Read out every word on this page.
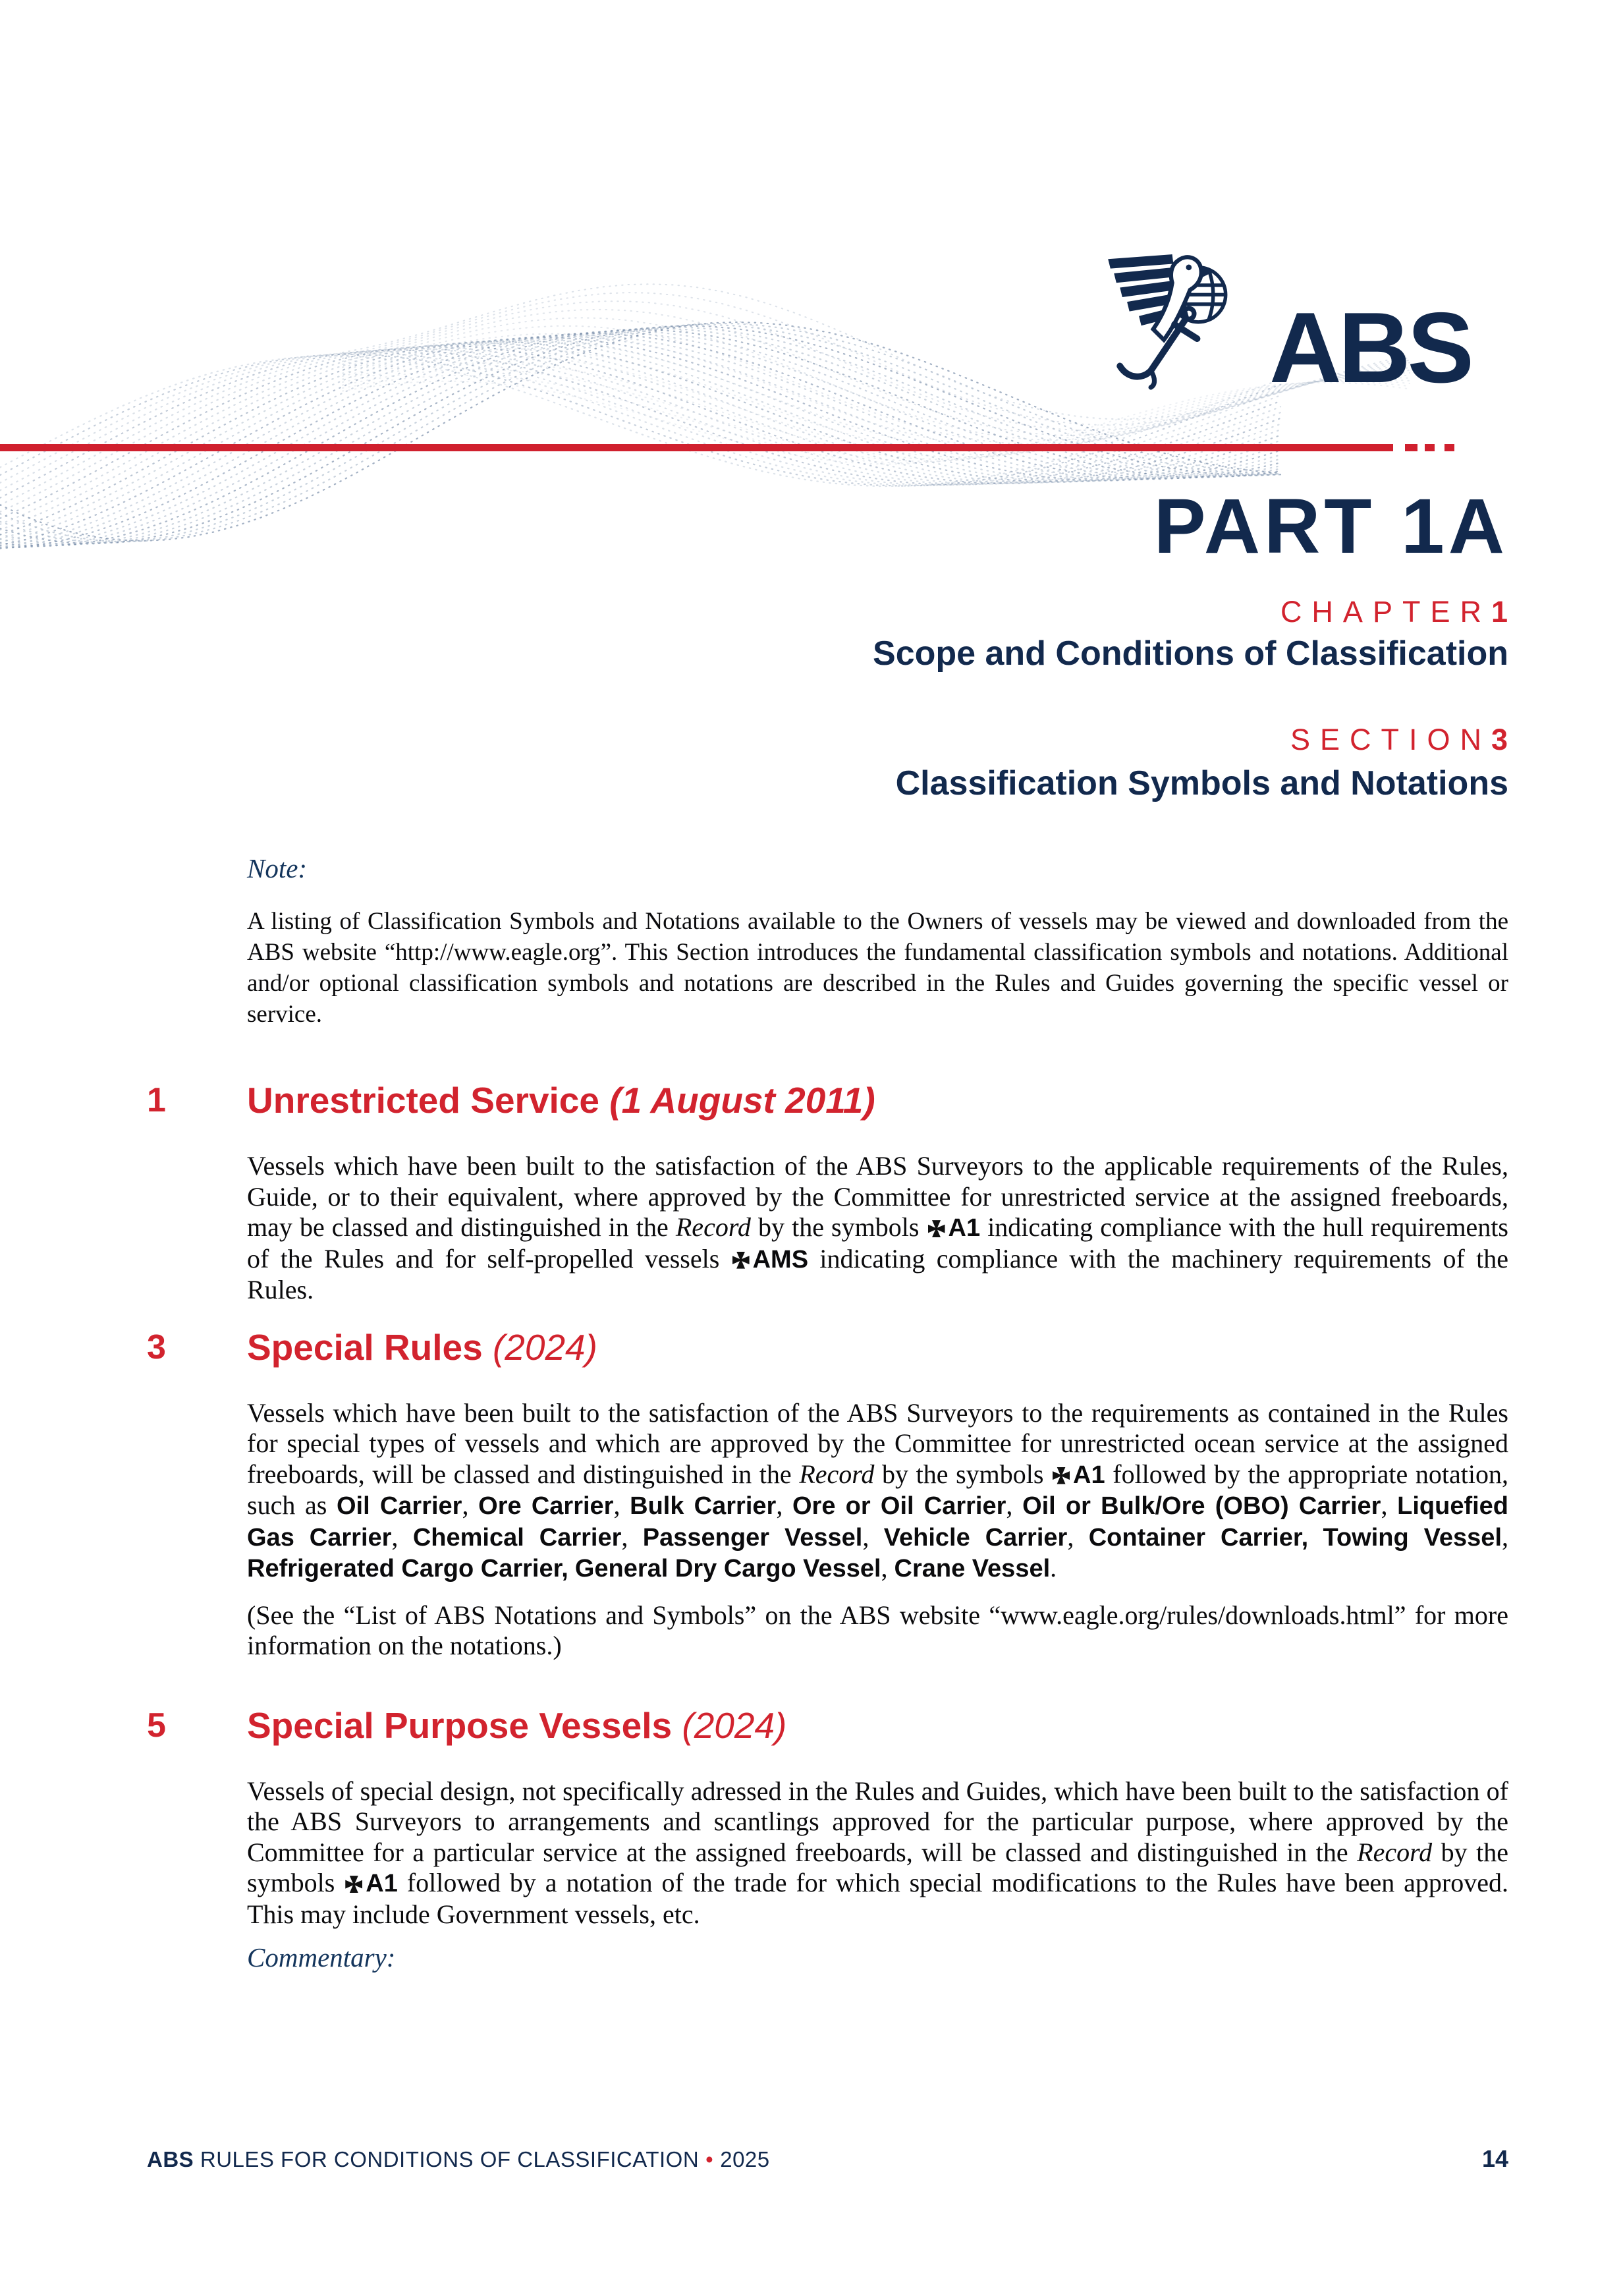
ABS
PART 1A
CHAPTER1
Scope and Conditions of Classification
SECTION3
Classification Symbols and Notations
Note:

A listing of Classification Symbols and Notations available to the Owners of vessels may be viewed and downloaded from the ABS website “http://www.eagle.org”. This Section introduces the fundamental classification symbols and notations. Additional and/or optional classification symbols and notations are described in the Rules and Guides governing the specific vessel or service.

1	Unrestricted Service (1 August 2011)

Vessels which have been built to the satisfaction of the ABS Surveyors to the applicable requirements of the Rules, Guide, or to their equivalent, where approved by the Committee for unrestricted service at the assigned freeboards, may be classed and distinguished in the Record by the symbols A1 indicating compliance with the hull requirements of the Rules and for self-propelled vessels AMS indicating compliance with the machinery requirements of the Rules.

3	Special Rules (2024)

Vessels which have been built to the satisfaction of the ABS Surveyors to the requirements as contained in the Rules for special types of vessels and which are approved by the Committee for unrestricted ocean service at the assigned freeboards, will be classed and distinguished in the Record by the symbols A1 followed by the appropriate notation, such as Oil Carrier, Ore Carrier, Bulk Carrier, Ore or Oil Carrier, Oil or Bulk/Ore (OBO) Carrier, Liquefied Gas Carrier, Chemical Carrier, Passenger Vessel, Vehicle Carrier, Container Carrier, Towing Vessel, Refrigerated Cargo Carrier, General Dry Cargo Vessel, Crane Vessel.

(See the “List of ABS Notations and Symbols” on the ABS website “www.eagle.org/rules/​downloads.html” for more information on the notations.)

5	Special Purpose Vessels (2024)

Vessels of special design, not specifically adressed in the Rules and Guides, which have been built to the satisfaction of the ABS Surveyors to arrangements and scantlings approved for the particular purpose, where approved by the Committee for a particular service at the assigned freeboards, will be classed and distinguished in the Record by the symbols A1 followed by a notation of the trade for which special modifications to the Rules have been approved. This may include Government vessels, etc.

Commentary:
ABS RULES FOR CONDITIONS OF CLASSIFICATION • 2025	14
